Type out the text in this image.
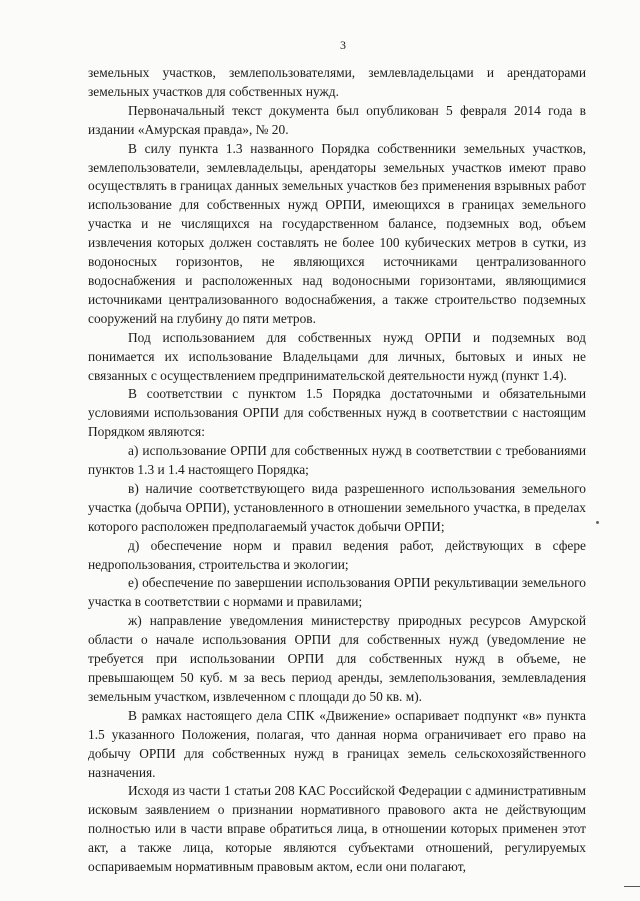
3

земельных участков, землепользователями, землевладельцами и арендаторами земельных участков для собственных нужд.

Первоначальный текст документа был опубликован 5 февраля 2014 года в издании «Амурская правда», № 20.

В силу пункта 1.3 названного Порядка собственники земельных участков, землепользователи, землевладельцы, арендаторы земельных участков имеют право осуществлять в границах данных земельных участков без применения взрывных работ использование для собственных нужд ОРПИ, имеющихся в границах земельного участка и не числящихся на государственном балансе, подземных вод, объем извлечения которых должен составлять не более 100 кубических метров в сутки, из водоносных горизонтов, не являющихся источниками централизованного водоснабжения и расположенных над водоносными горизонтами, являющимися источниками централизованного водоснабжения, а также строительство подземных сооружений на глубину до пяти метров.

Под использованием для собственных нужд ОРПИ и подземных вод понимается их использование Владельцами для личных, бытовых и иных не связанных с осуществлением предпринимательской деятельности нужд (пункт 1.4).

В соответствии с пунктом 1.5 Порядка достаточными и обязательными условиями использования ОРПИ для собственных нужд в соответствии с настоящим Порядком являются:

а) использование ОРПИ для собственных нужд в соответствии с требованиями пунктов 1.3 и 1.4 настоящего Порядка;

в) наличие соответствующего вида разрешенного использования земельного участка (добыча ОРПИ), установленного в отношении земельного участка, в пределах которого расположен предполагаемый участок добычи ОРПИ;

д) обеспечение норм и правил ведения работ, действующих в сфере недропользования, строительства и экологии;

е) обеспечение по завершении использования ОРПИ рекультивации земельного участка в соответствии с нормами и правилами;

ж) направление уведомления министерству природных ресурсов Амурской области о начале использования ОРПИ для собственных нужд (уведомление не требуется при использовании ОРПИ для собственных нужд в объеме, не превышающем 50 куб. м за весь период аренды, землепользования, землевладения земельным участком, извлеченном с площади до 50 кв. м).

В рамках настоящего дела СПК «Движение» оспаривает подпункт «в» пункта 1.5 указанного Положения, полагая, что данная норма ограничивает его право на добычу ОРПИ для собственных нужд в границах земель сельскохозяйственного назначения.

Исходя из части 1 статьи 208 КАС Российской Федерации с административным исковым заявлением о признании нормативного правового акта не действующим полностью или в части вправе обратиться лица, в отношении которых применен этот акт, а также лица, которые являются субъектами отношений, регулируемых оспариваемым нормативным правовым актом, если они полагают,
